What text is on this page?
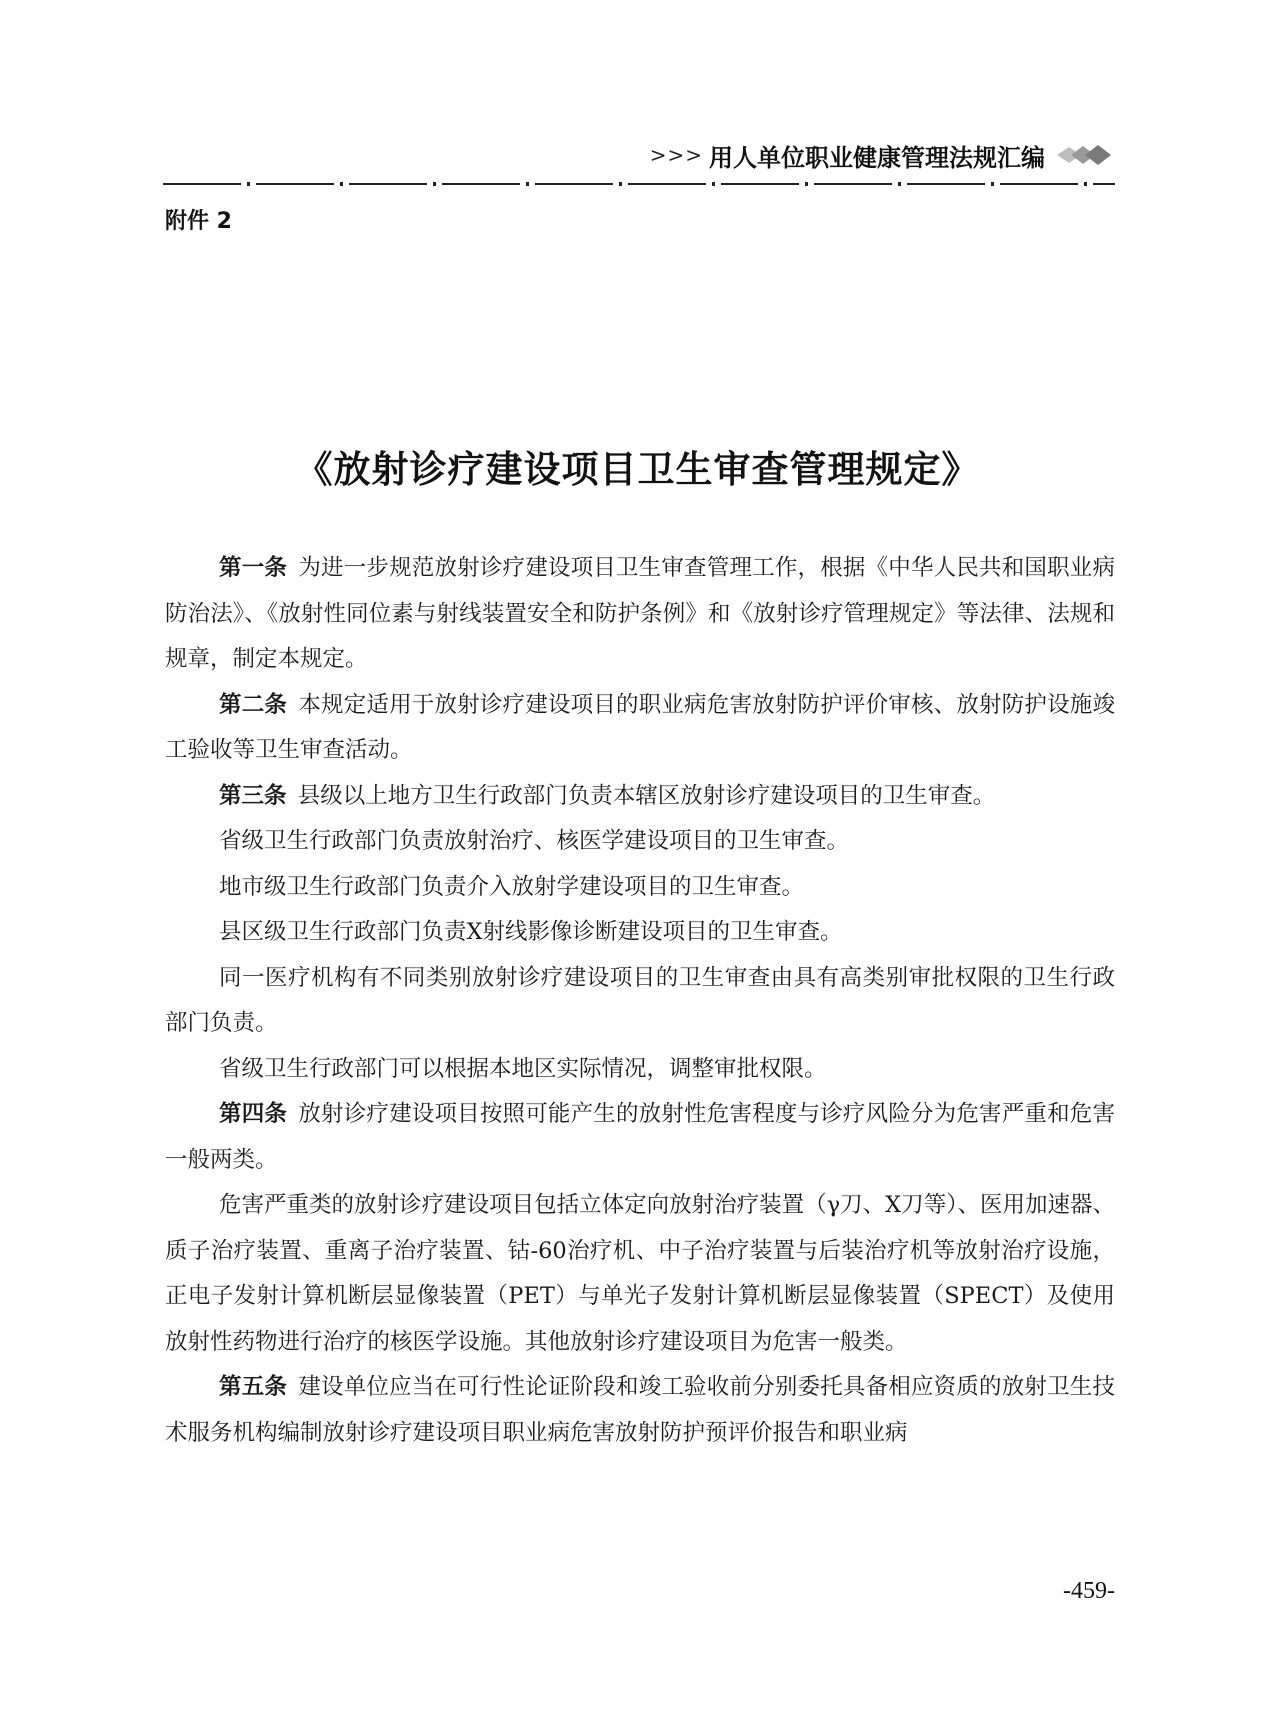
>>> 用人单位职业健康管理法规汇编
附件 2
《放射诊疗建设项目卫生审查管理规定》

第一条 为进一步规范放射诊疗建设项目卫生审查管理工作，根据《中华人民共和国职业病防治法》、《放射性同位素与射线装置安全和防护条例》和《放射诊疗管理规定》等法律、法规和规章，制定本规定。

第二条 本规定适用于放射诊疗建设项目的职业病危害放射防护评价审核、放射防护设施竣工验收等卫生审查活动。

第三条 县级以上地方卫生行政部门负责本辖区放射诊疗建设项目的卫生审查。

省级卫生行政部门负责放射治疗、核医学建设项目的卫生审查。

地市级卫生行政部门负责介入放射学建设项目的卫生审查。

县区级卫生行政部门负责X射线影像诊断建设项目的卫生审查。

同一医疗机构有不同类别放射诊疗建设项目的卫生审查由具有高类别审批权限的卫生行政部门负责。

省级卫生行政部门可以根据本地区实际情况，调整审批权限。

第四条 放射诊疗建设项目按照可能产生的放射性危害程度与诊疗风险分为危害严重和危害一般两类。

危害严重类的放射诊疗建设项目包括立体定向放射治疗装置（γ刀、X刀等）、医用加速器、质子治疗装置、重离子治疗装置、钴-60治疗机、中子治疗装置与后装治疗机等放射治疗设施，正电子发射计算机断层显像装置（PET）与单光子发射计算机断层显像装置（SPECT）及使用放射性药物进行治疗的核医学设施。其他放射诊疗建设项目为危害一般类。

第五条 建设单位应当在可行性论证阶段和竣工验收前分别委托具备相应资质的放射卫生技术服务机构编制放射诊疗建设项目职业病危害放射防护预评价报告和职业病

-459-
